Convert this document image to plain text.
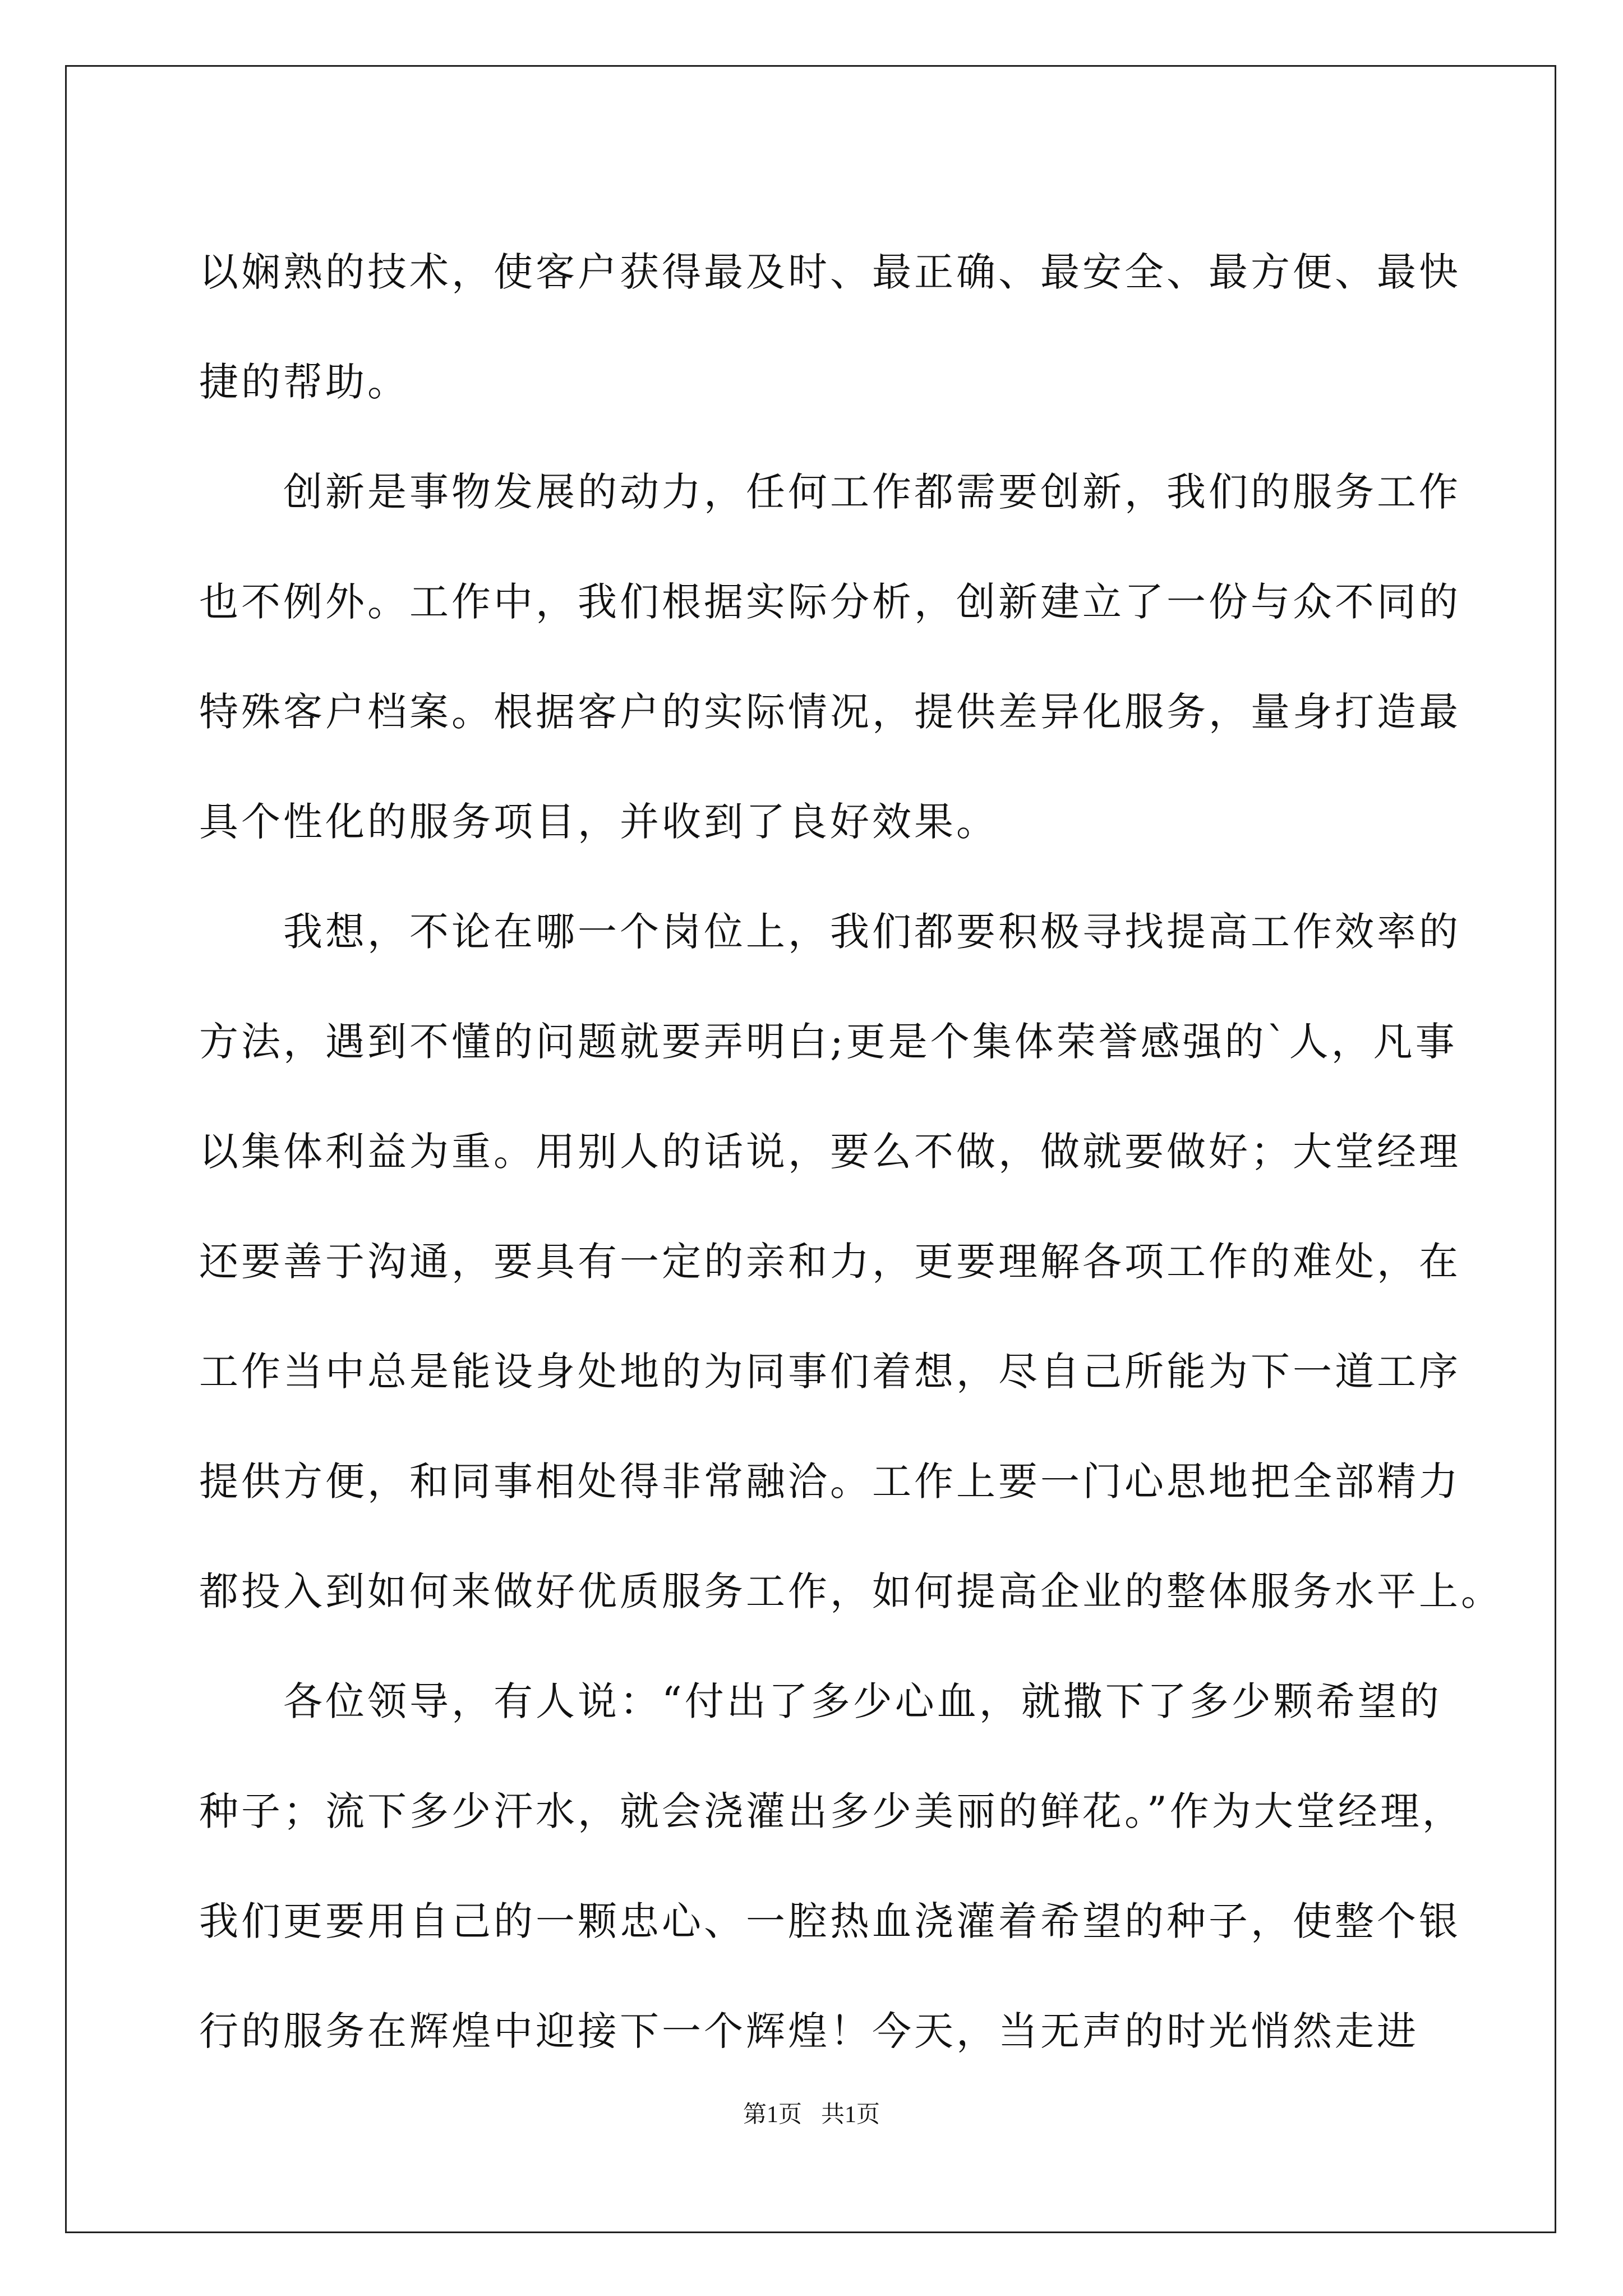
以娴熟的技术，使客户获得最及时、最正确、最安全、最方便、最快
捷的帮助。
　　创新是事物发展的动力，任何工作都需要创新，我们的服务工作
也不例外。工作中，我们根据实际分析，创新建立了一份与众不同的
特殊客户档案。根据客户的实际情况，提供差异化服务，量身打造最
具个性化的服务项目，并收到了良好效果。
　　我想，不论在哪一个岗位上，我们都要积极寻找提高工作效率的
方法，遇到不懂的问题就要弄明白;更是个集体荣誉感强的`人，凡事
以集体利益为重。用别人的话说，要么不做，做就要做好；大堂经理
还要善于沟通，要具有一定的亲和力，更要理解各项工作的难处，在
工作当中总是能设身处地的为同事们着想，尽自己所能为下一道工序
提供方便，和同事相处得非常融洽。工作上要一门心思地把全部精力
都投入到如何来做好优质服务工作，如何提高企业的整体服务水平上。
　　各位领导，有人说：“付出了多少心血，就撒下了多少颗希望的
种子；流下多少汗水，就会浇灌出多少美丽的鲜花。”作为大堂经理，
我们更要用自己的一颗忠心、一腔热血浇灌着希望的种子，使整个银
行的服务在辉煌中迎接下一个辉煌！今天，当无声的时光悄然走进
第1页 共1页
